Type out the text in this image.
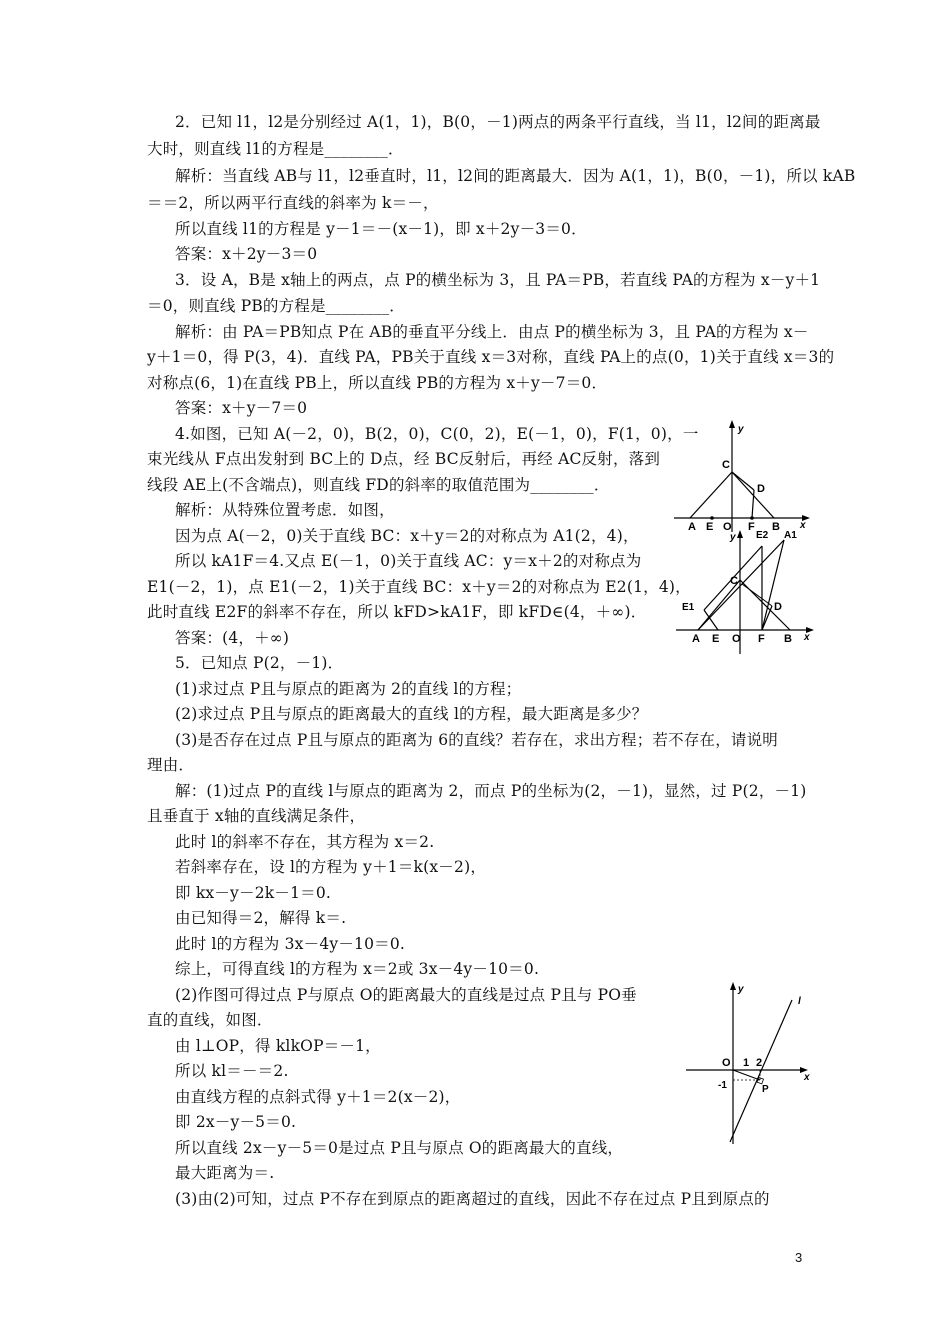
2．已知 l1，l2是分别经过 A(1，1)，B(0，－1)两点的两条平行直线，当 l1，l2间的距离最
大时，则直线 l1的方程是________．
解析：当直线 AB与 l1，l2垂直时，l1，l2间的距离最大．因为 A(1，1)，B(0，－1)，所以 kAB
＝＝2，所以两平行直线的斜率为 k＝－，
所以直线 l1的方程是 y－1＝－(x－1)，即 x＋2y－3＝0．
答案：x＋2y－3＝0
3．设 A，B是 x轴上的两点，点 P的横坐标为 3，且 PA＝PB，若直线 PA的方程为 x－y＋1
＝0，则直线 PB的方程是________．
解析：由 PA＝PB知点 P在 AB的垂直平分线上．由点 P的横坐标为 3，且 PA的方程为 x－
y＋1＝0，得 P(3，4)．直线 PA，PB关于直线 x＝3对称，直线 PA上的点(0，1)关于直线 x＝3的
对称点(6，1)在直线 PB上，所以直线 PB的方程为 x＋y－7＝0．
答案：x＋y－7＝0
4.如图，已知 A(－2，0)，B(2，0)，C(0，2)，E(－1，0)，F(1，0)，一
束光线从 F点出发射到 BC上的 D点，经 BC反射后，再经 AC反射，落到
线段 AE上(不含端点)，则直线 FD的斜率的取值范围为________．
解析：从特殊位置考虑．如图，
因为点 A(－2，0)关于直线 BC：x＋y＝2的对称点为 A1(2，4)，
所以 kA1F＝4.又点 E(－1，0)关于直线 AC：y＝x＋2的对称点为
E1(－2，1)，点 E1(－2，1)关于直线 BC：x＋y＝2的对称点为 E2(1，4)，
此时直线 E2F的斜率不存在，所以 kFD>kA1F，即 kFD∈(4，＋∞)．
答案：(4，＋∞)
5．已知点 P(2，－1)．
(1)求过点 P且与原点的距离为 2的直线 l的方程；
(2)求过点 P且与原点的距离最大的直线 l的方程，最大距离是多少？
(3)是否存在过点 P且与原点的距离为 6的直线？若存在，求出方程；若不存在，请说明
理由．
解：(1)过点 P的直线 l与原点的距离为 2，而点 P的坐标为(2，－1)，显然，过 P(2，－1)
且垂直于 x轴的直线满足条件，
此时 l的斜率不存在，其方程为 x＝2.
若斜率存在，设 l的方程为 y＋1＝k(x－2)，
即 kx－y－2k－1＝0.
由已知得＝2，解得 k＝.
此时 l的方程为 3x－4y－10＝0.
综上，可得直线 l的方程为 x＝2或 3x－4y－10＝0.
(2)作图可得过点 P与原点 O的距离最大的直线是过点 P且与 PO垂
直的直线，如图．
由 l⊥OP，得 klkOP＝－1，
所以 kl＝－＝2.
由直线方程的点斜式得 y＋1＝2(x－2)，
即 2x－y－5＝0.
所以直线 2x－y－5＝0是过点 P且与原点 O的距离最大的直线，
最大距离为＝.
(3)由(2)可知，过点 P不存在到原点的距离超过的直线，因此不存在过点 P且到原点的
y
x
C
D
A E O F B
y
x
E2 A1
C
E1	D
A E O F B
y
x
l
O 1 2
-1	P
3
